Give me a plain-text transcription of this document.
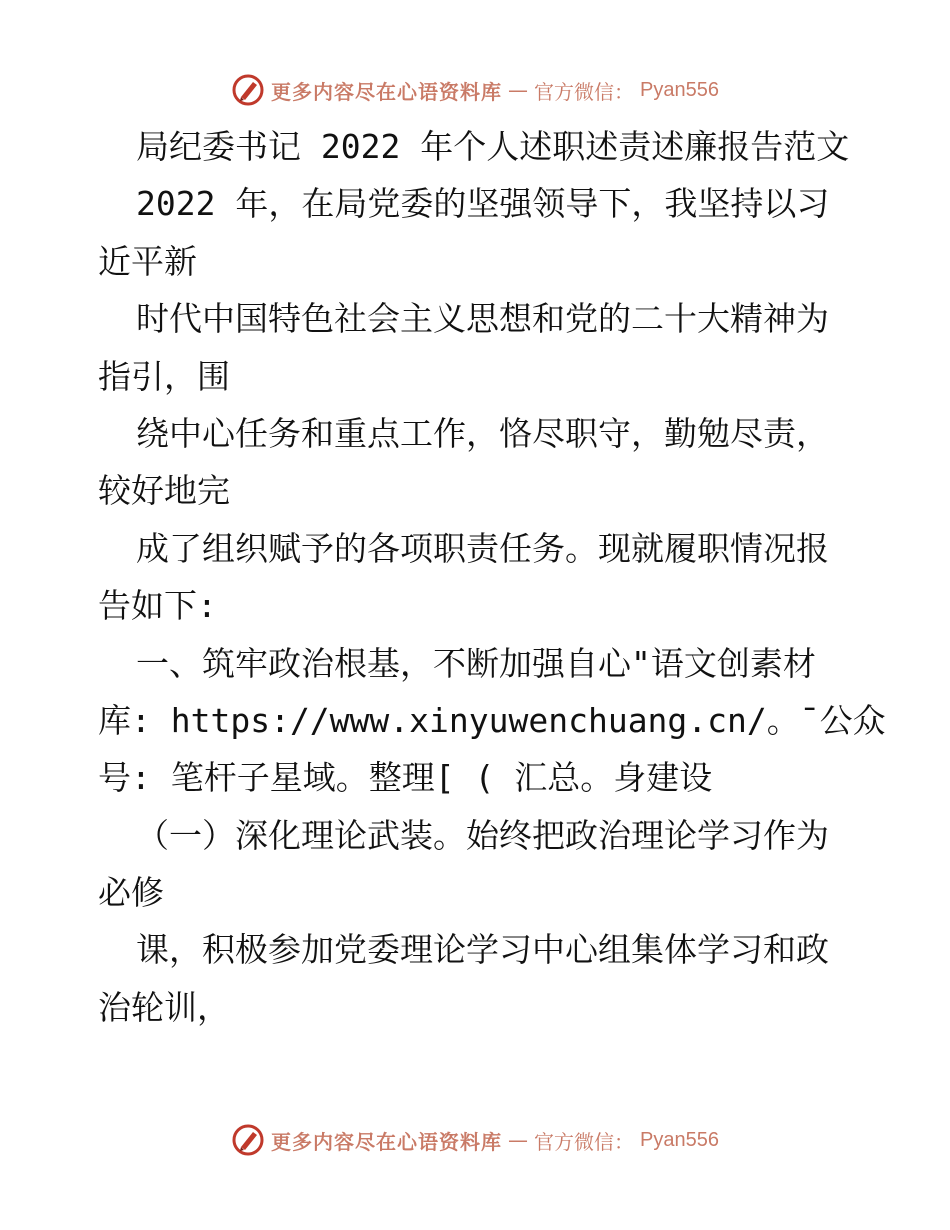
更多内容尽在心语资料库 — 官方微信： Pyan556
局纪委书记 2022 年个人述职述责述廉报告范文
2022 年，在局党委的坚强领导下，我坚持以习
近平新
时代中国特色社会主义思想和党的二十大精神为
指引，围
绕中心任务和重点工作，恪尽职守，勤勉尽责，
较好地完
成了组织赋予的各项职责任务。现就履职情况报
告如下:
一、筑牢政治根基，不断加强自心"语文创素材
库: https://www.xinyuwenchuang.cn/。¯公众
号: 笔杆子星域。整理[ ( 汇总。身建设
（一）深化理论武装。始终把政治理论学习作为
必修
课，积极参加党委理论学习中心组集体学习和政
治轮训，
更多内容尽在心语资料库 — 官方微信： Pyan556
